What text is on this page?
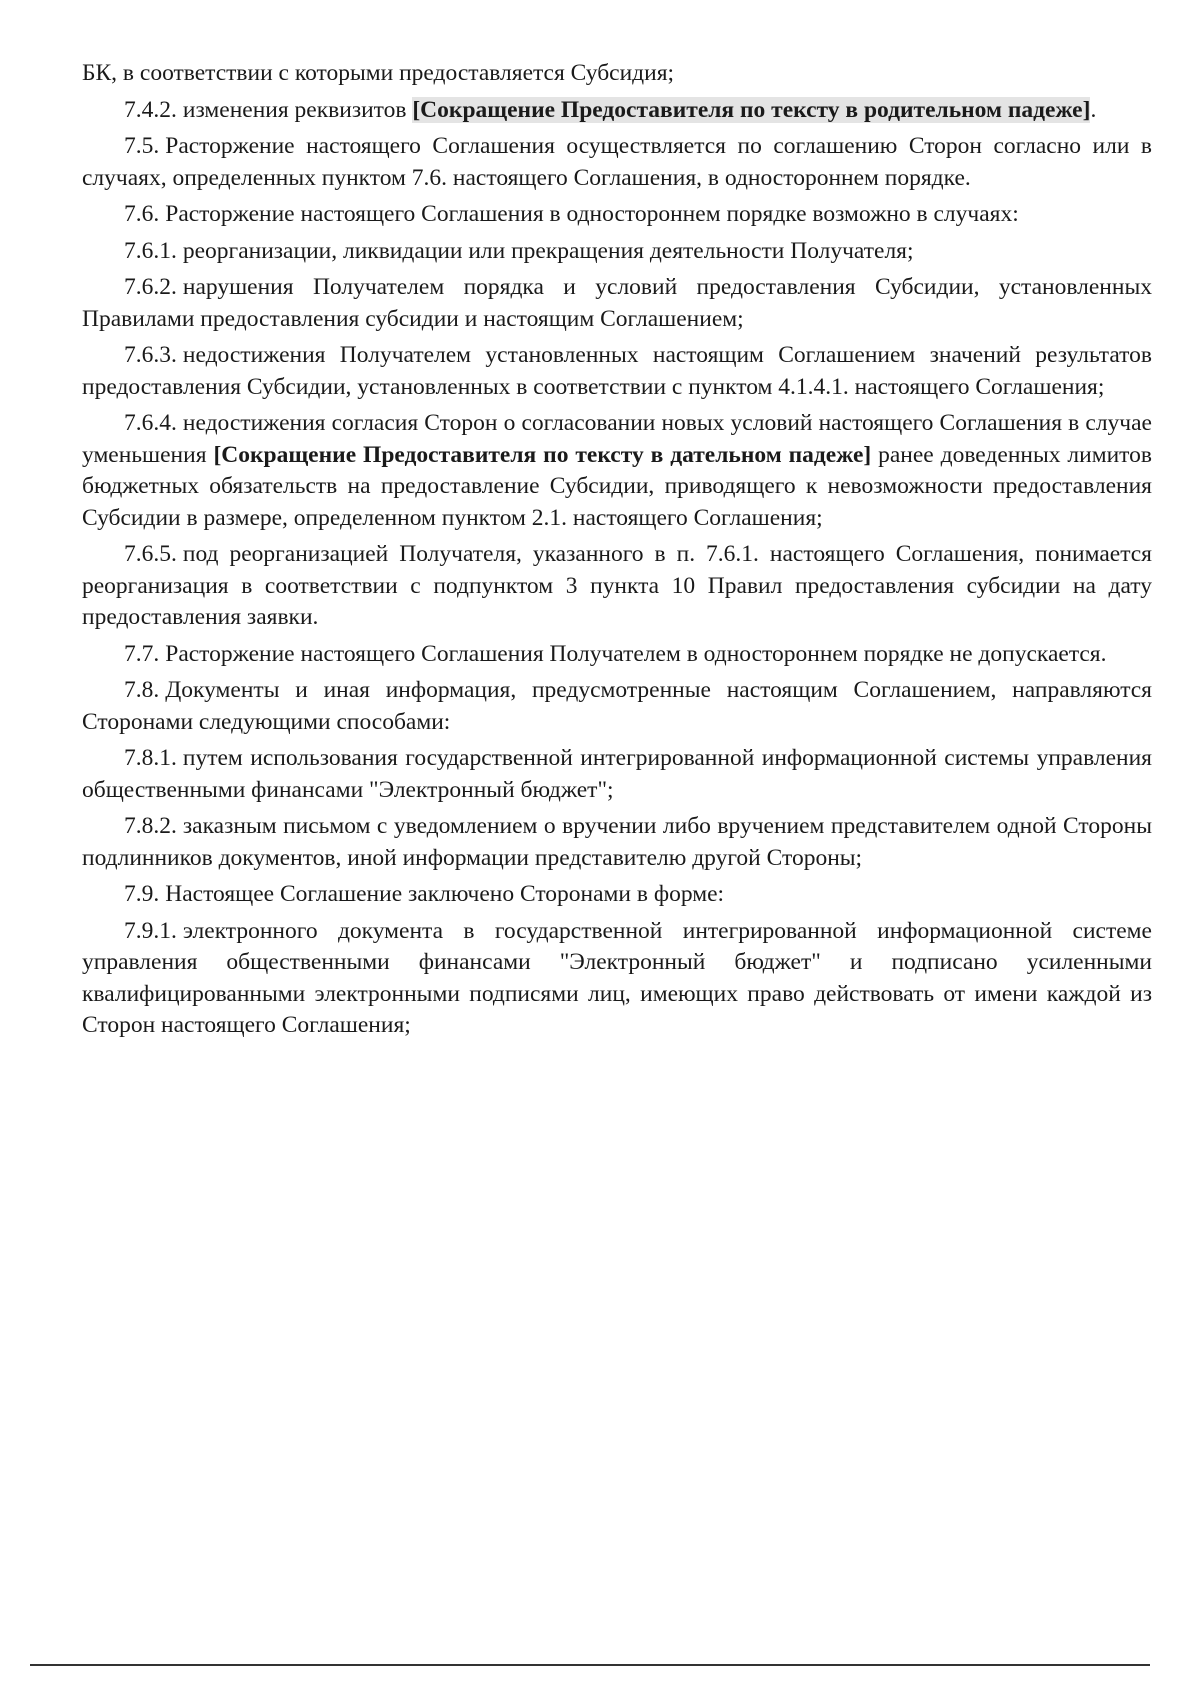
БК, в соответствии с которыми предоставляется Субсидия;

7.4.2. изменения реквизитов [Сокращение Предоставителя по тексту в родительном падеже].

7.5. Расторжение настоящего Соглашения осуществляется по соглашению Сторон согласно или в случаях, определенных пунктом 7.6. настоящего Соглашения, в одностороннем порядке.

7.6. Расторжение настоящего Соглашения в одностороннем порядке возможно в случаях:

7.6.1. реорганизации, ликвидации или прекращения деятельности Получателя;

7.6.2. нарушения Получателем порядка и условий предоставления Субсидии, установленных Правилами предоставления субсидии и настоящим Соглашением;

7.6.3. недостижения Получателем установленных настоящим Соглашением значений результатов предоставления Субсидии, установленных в соответствии с пунктом 4.1.4.1. настоящего Соглашения;

7.6.4. недостижения согласия Сторон о согласовании новых условий настоящего Соглашения в случае уменьшения [Сокращение Предоставителя по тексту в дательном падеже] ранее доведенных лимитов бюджетных обязательств на предоставление Субсидии, приводящего к невозможности предоставления Субсидии в размере, определенном пунктом 2.1. настоящего Соглашения;

7.6.5. под реорганизацией Получателя, указанного в п. 7.6.1. настоящего Соглашения, понимается реорганизация в соответствии с подпунктом 3 пункта 10 Правил предоставления субсидии на дату предоставления заявки.

7.7. Расторжение настоящего Соглашения Получателем в одностороннем порядке не допускается.

7.8. Документы и иная информация, предусмотренные настоящим Соглашением, направляются Сторонами следующими способами:

7.8.1. путем использования государственной интегрированной информационной системы управления общественными финансами "Электронный бюджет";

7.8.2. заказным письмом с уведомлением о вручении либо вручением представителем одной Стороны подлинников документов, иной информации представителю другой Стороны;

7.9. Настоящее Соглашение заключено Сторонами в форме:

7.9.1. электронного документа в государственной интегрированной информационной системе управления общественными финансами "Электронный бюджет" и подписано усиленными квалифицированными электронными подписями лиц, имеющих право действовать от имени каждой из Сторон настоящего Соглашения;
